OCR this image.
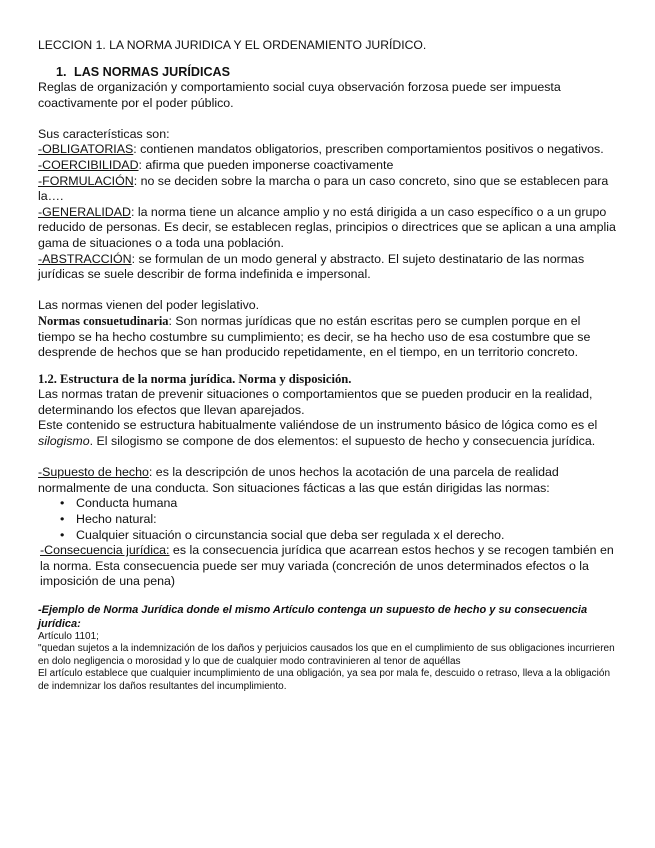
LECCION 1. LA NORMA JURIDICA Y EL ORDENAMIENTO JURÍDICO.

1. LAS NORMAS JURÍDICAS

Reglas de organización y comportamiento social cuya observación forzosa puede ser impuesta coactivamente por el poder público.

Sus características son:

-OBLIGATORIAS: contienen mandatos obligatorios, prescriben comportamientos positivos o negativos.

-COERCIBILIDAD: afirma que pueden imponerse coactivamente

-FORMULACIÓN: no se deciden sobre la marcha o para un caso concreto, sino que se establecen para la….

-GENERALIDAD: la norma tiene un alcance amplio y no está dirigida a un caso específico o a un grupo reducido de personas. Es decir, se establecen reglas, principios o directrices que se aplican a una amplia gama de situaciones o a toda una población.

-ABSTRACCIÓN: se formulan de un modo general y abstracto. El sujeto destinatario de las normas jurídicas se suele describir de forma indefinida e impersonal.

Las normas vienen del poder legislativo.

Normas consuetudinaria: Son normas jurídicas que no están escritas pero se cumplen porque en el tiempo se ha hecho costumbre su cumplimiento; es decir, se ha hecho uso de esa costumbre que se desprende de hechos que se han producido repetidamente, en el tiempo, en un territorio concreto.

1.2. Estructura de la norma jurídica. Norma y disposición.

Las normas tratan de prevenir situaciones o comportamientos que se pueden producir en la realidad, determinando los efectos que llevan aparejados.

Este contenido se estructura habitualmente valiéndose de un instrumento básico de lógica como es el silogismo. El silogismo se compone de dos elementos: el supuesto de hecho y consecuencia jurídica.

-Supuesto de hecho: es la descripción de unos hechos la acotación de una parcela de realidad normalmente de una conducta. Son situaciones fácticas a las que están dirigidas las normas:

• Conducta humana
• Hecho natural:
• Cualquier situación o circunstancia social que deba ser regulada x el derecho.

-Consecuencia jurídica: es la consecuencia jurídica que acarrean estos hechos y se recogen también en la norma. Esta consecuencia puede ser muy variada (concreción de unos determinados efectos o la imposición de una pena)

-Ejemplo de Norma Jurídica donde el mismo Artículo contenga un supuesto de hecho y su consecuencia jurídica:

Artículo 1101;

"quedan sujetos a la indemnización de los daños y perjuicios causados los que en el cumplimiento de sus obligaciones incurrieren en dolo negligencia o morosidad y lo que de cualquier modo contravinieren al tenor de aquéllas

El artículo establece que cualquier incumplimiento de una obligación, ya sea por mala fe, descuido o retraso, lleva a la obligación de indemnizar los daños resultantes del incumplimiento.
